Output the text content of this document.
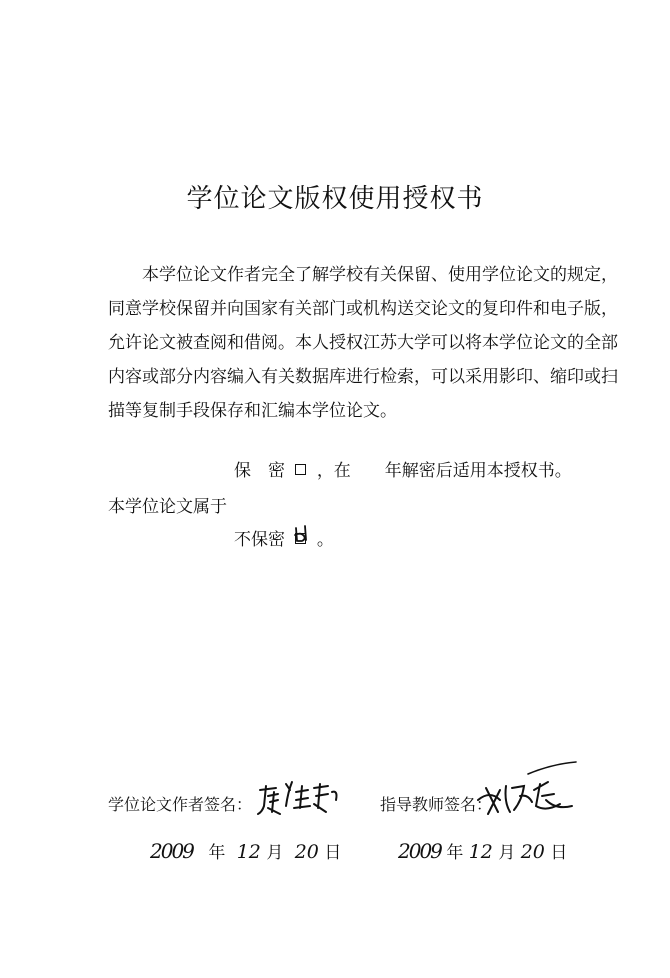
学位论文版权使用授权书
本学位论文作者完全了解学校有关保留、使用学位论文的规定，
同意学校保留并向国家有关部门或机构送交论文的复印件和电子版，
允许论文被查阅和借阅。本人授权江苏大学可以将本学位论文的全部
内容或部分内容编入有关数据库进行检索，可以采用影印、缩印或扫
描等复制手段保存和汇编本学位论文。
保　密 ，在　　年解密后适用本授权书。
本学位论文属于
不保密 。
学位论文作者签名：	指导教师签名：
2009 年 12 月 20 日	2009 年 12 月 20 日
